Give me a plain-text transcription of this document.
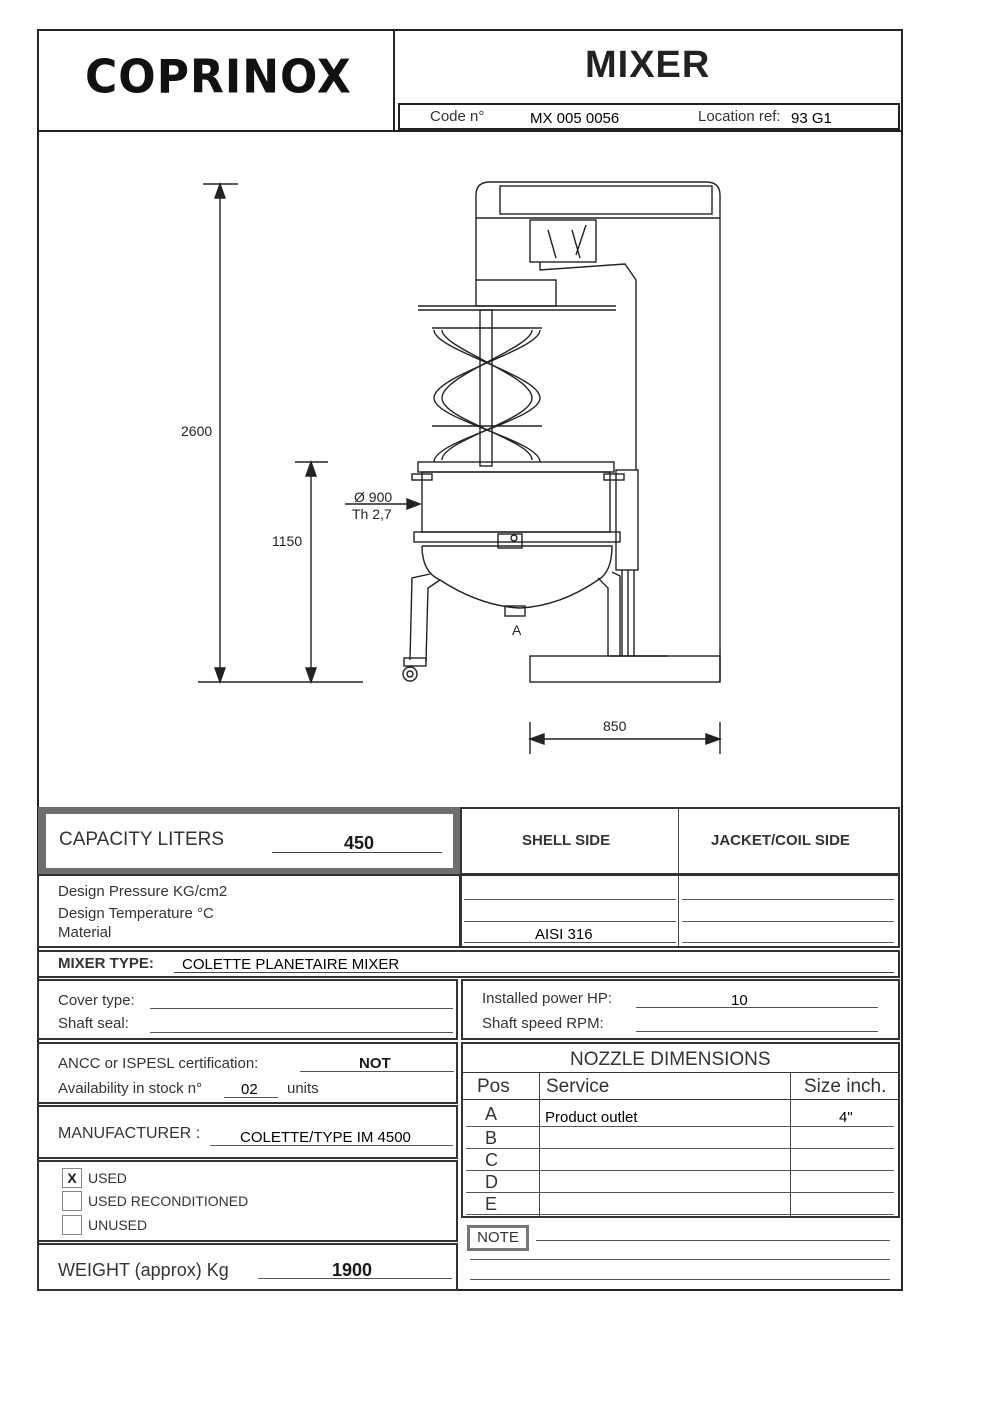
COPRINOX	MIXER
Code n°	MX 005 0056	Location ref: 93 G1
2600
1150
Ø 900
Th 2,7
850
A
CAPACITY LITERS	450	SHELL SIDE	JACKET/COIL SIDE
Design Pressure KG/cm2
Design Temperature °C
Material	AISI 316
MIXER TYPE: COLETTE PLANETAIRE MIXER
Cover type:
Shaft seal:
Installed power HP:	10
Shaft speed RPM:
ANCC or ISPESL certification:	NOT
Availability in stock n°	02 units
MANUFACTURER :	COLETTE/TYPE IM 4500
X USED
USED RECONDITIONED
UNUSED
WEIGHT (approx) Kg	1900
NOZZLE DIMENSIONS
Pos Service	Size inch.
A	Product outlet	4"
B
C
D
E
NOTE
